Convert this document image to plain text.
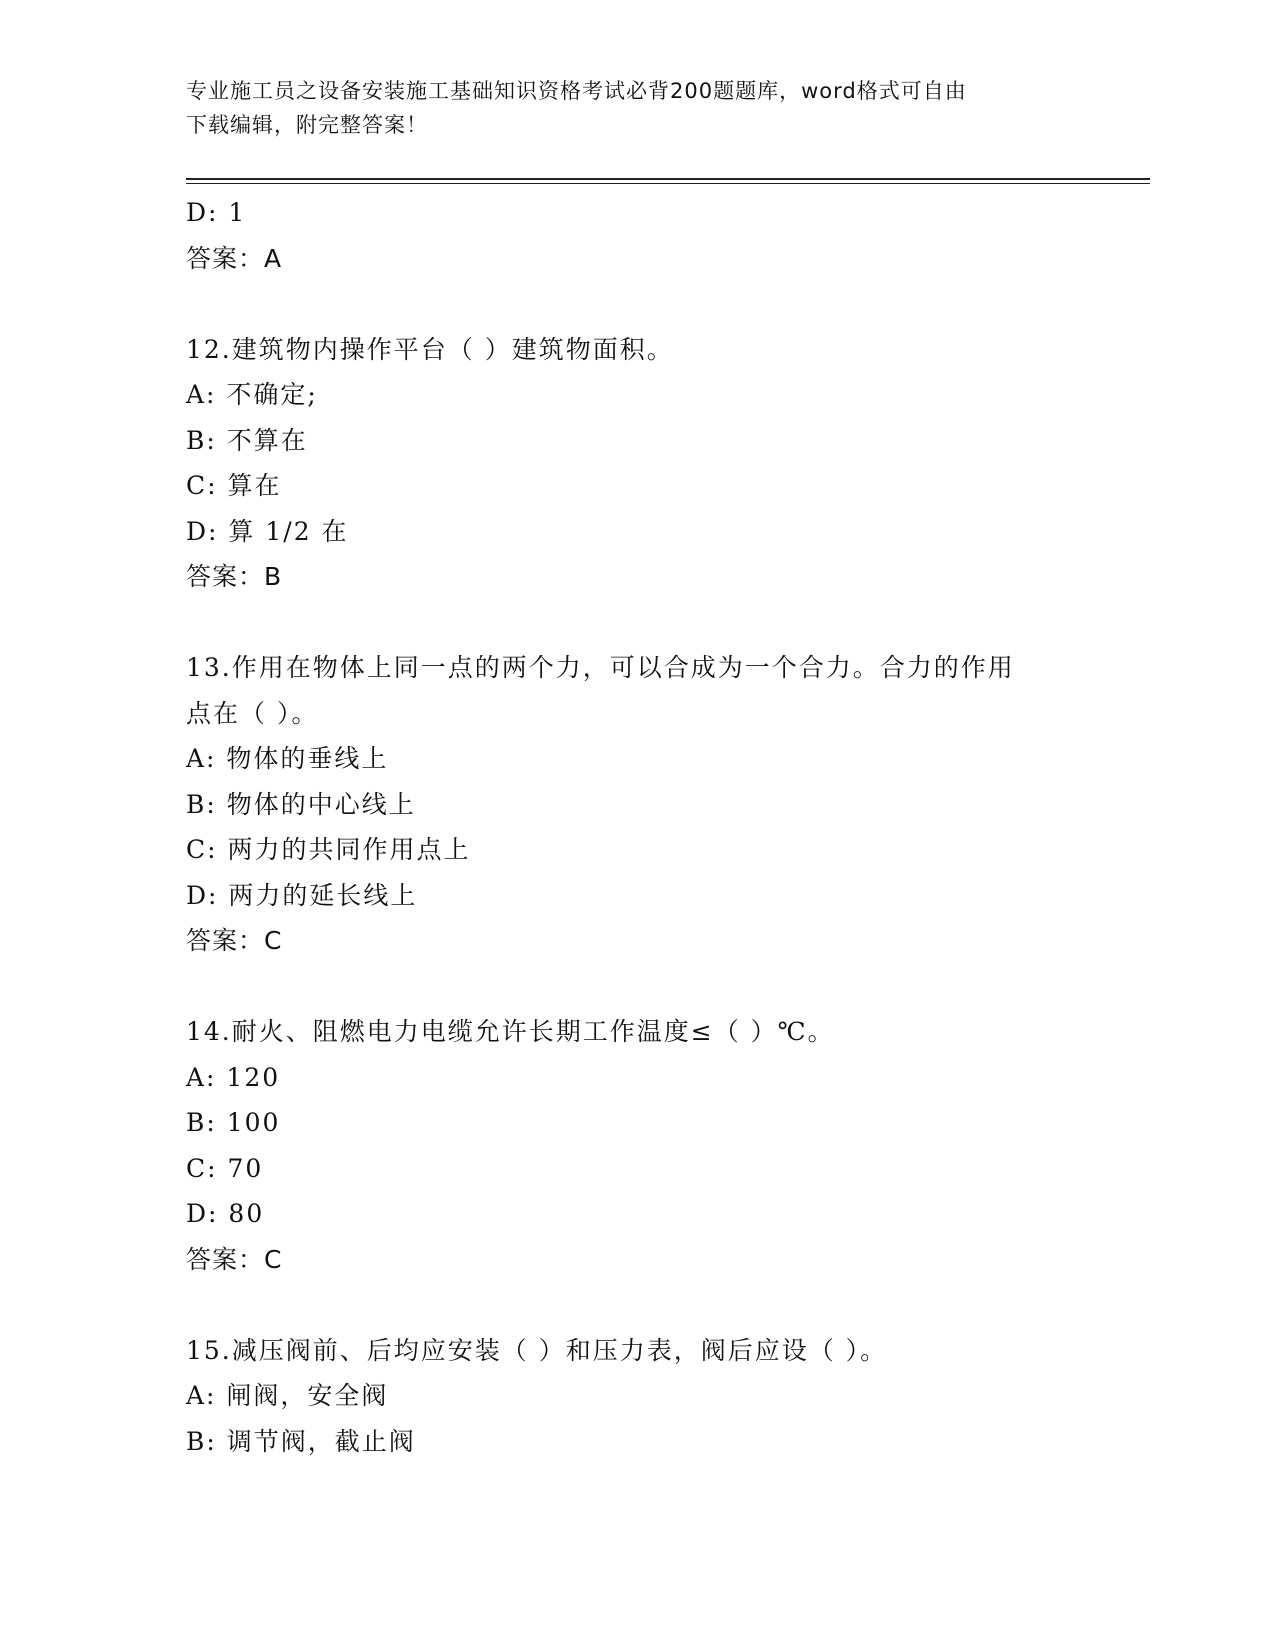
专业施工员之设备安装施工基础知识资格考试必背200题题库，word格式可自由
下载编辑，附完整答案！
D: 1
答案：A
12.建筑物内操作平台（ ）建筑物面积。
A: 不确定;
B: 不算在
C: 算在
D: 算 1/2 在
答案：B
13.作用在物体上同一点的两个力，可以合成为一个合力。合力的作用
点在（ ）。
A: 物体的垂线上
B: 物体的中心线上
C: 两力的共同作用点上
D: 两力的延长线上
答案：C
14.耐火、阻燃电力电缆允许长期工作温度≤（ ）℃。
A: 120
B: 100
C: 70
D: 80
答案：C
15.减压阀前、后均应安装（ ）和压力表，阀后应设（ ）。
A: 闸阀，安全阀
B: 调节阀，截止阀
